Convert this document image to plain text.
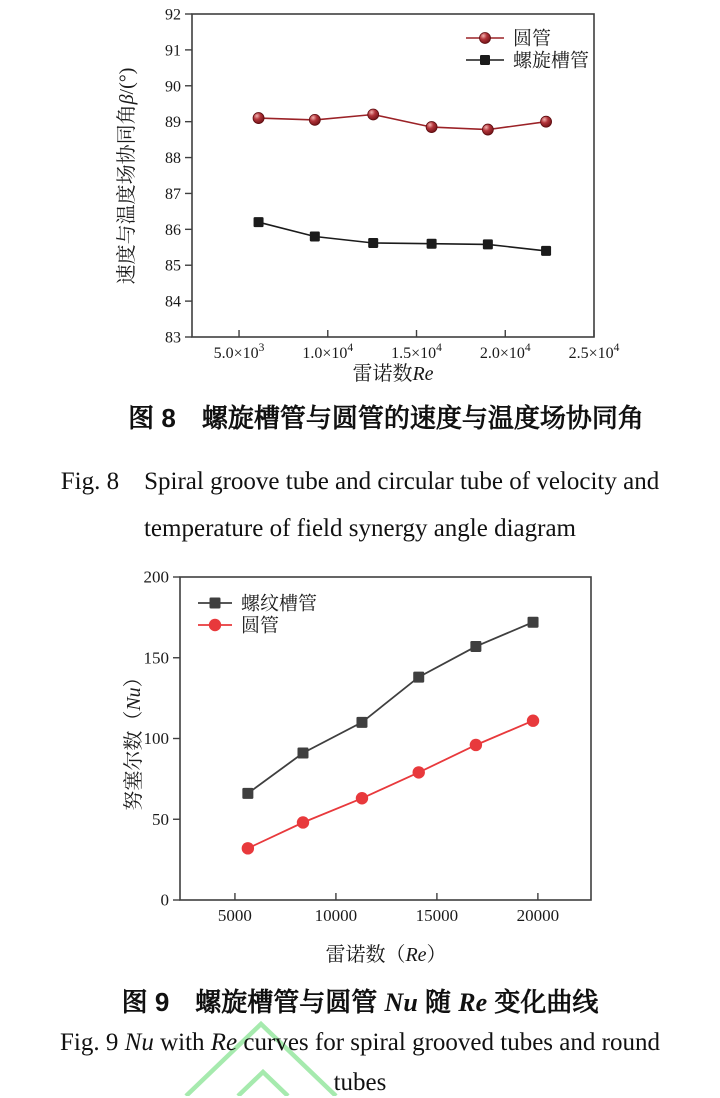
83
84
85
86
87
88
89
90
91
92
$5.0\times 10^3$ $1.0\times 10^4$ $1.5\times 10^4$ $2.0\times 10^4$ $2.5\times 10^4$
圆管
螺旋槽管
雷诺数Re
速度与温度场协同角β/(°)
图 8　螺旋槽管与圆管的速度与温度场协同角
Fig. 8　Spiral groove tube and circular tube of velocity and
temperature of field synergy angle diagram
0
50
100
150
200
5000	10000	15000	20000
螺纹槽管
圆管
雷诺数（Re）
努塞尔数（Nu）
图 9　螺旋槽管与圆管 Nu 随 Re 变化曲线
Fig. 9 Nu with Re curves for spiral grooved tubes and round
tubes
